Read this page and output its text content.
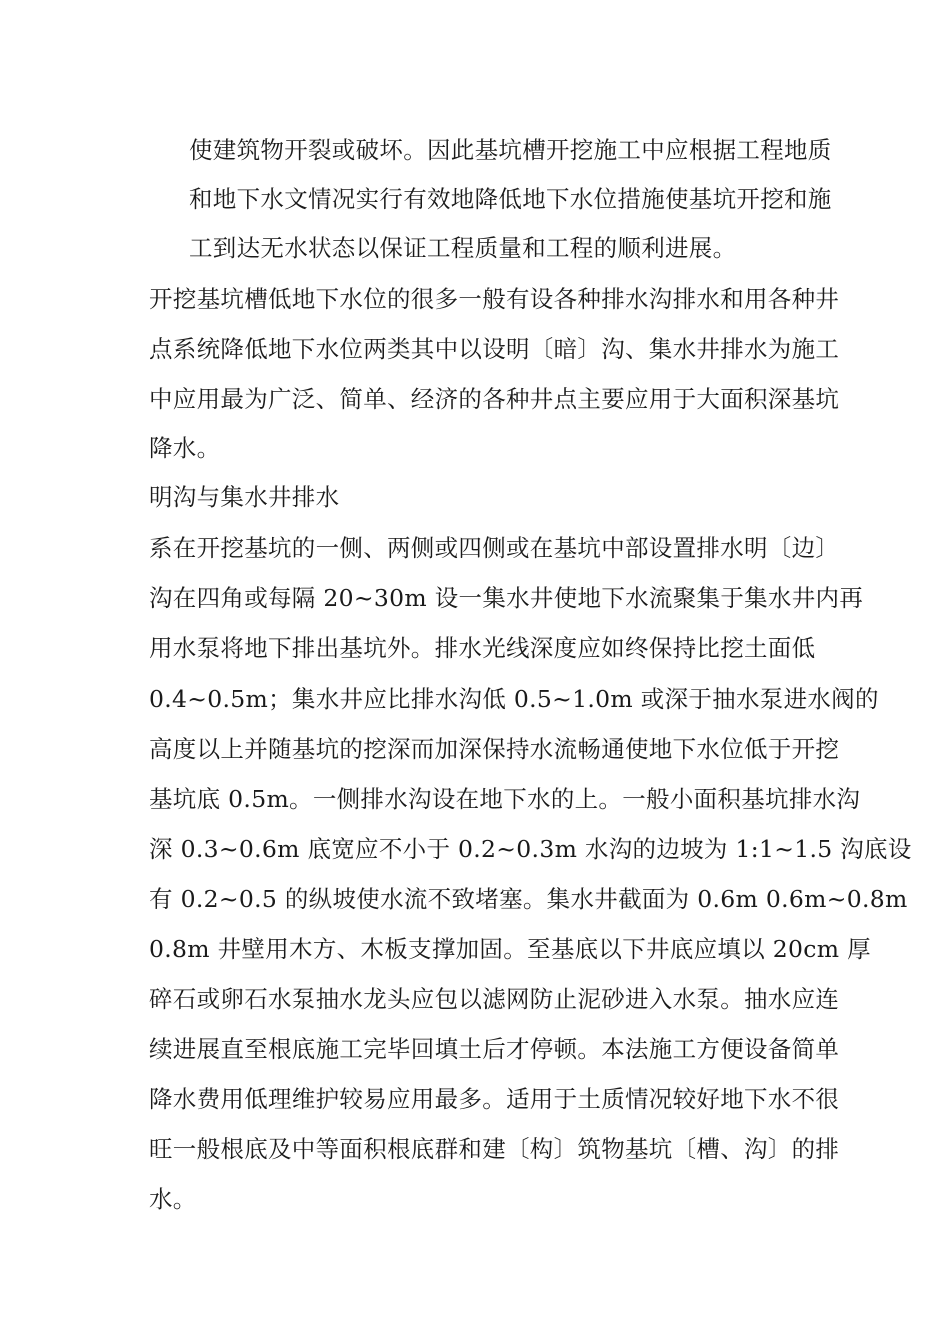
使建筑物开裂或破坏。因此基坑槽开挖施工中应根据工程地质
和地下水文情况实行有效地降低地下水位措施使基坑开挖和施
工到达无水状态以保证工程质量和工程的顺利进展。
开挖基坑槽低地下水位的很多一般有设各种排水沟排水和用各种井
点系统降低地下水位两类其中以设明〔暗〕沟、集水井排水为施工
中应用最为广泛、简单、经济的各种井点主要应用于大面积深基坑
降水。
明沟与集水井排水
系在开挖基坑的一侧、两侧或四侧或在基坑中部设置排水明〔边〕
沟在四角或每隔 20~30m 设一集水井使地下水流聚集于集水井内再
用水泵将地下排出基坑外。排水光线深度应如终保持比挖土面低
0.4~0.5m；集水井应比排水沟低 0.5~1.0m 或深于抽水泵进水阀的
高度以上并随基坑的挖深而加深保持水流畅通使地下水位低于开挖
基坑底 0.5m。一侧排水沟设在地下水的上。一般小面积基坑排水沟
深 0.3~0.6m 底宽应不小于 0.2~0.3m 水沟的边坡为 1:1~1.5 沟底设
有 0.2~0.5 的纵坡使水流不致堵塞。集水井截面为 0.6m 0.6m~0.8m
0.8m 井壁用木方、木板支撑加固。至基底以下井底应填以 20cm 厚
碎石或卵石水泵抽水龙头应包以滤网防止泥砂进入水泵。抽水应连
续进展直至根底施工完毕回填土后才停顿。本法施工方便设备简单
降水费用低理维护较易应用最多。适用于土质情况较好地下水不很
旺一般根底及中等面积根底群和建〔构〕筑物基坑〔槽、沟〕的排
水。
